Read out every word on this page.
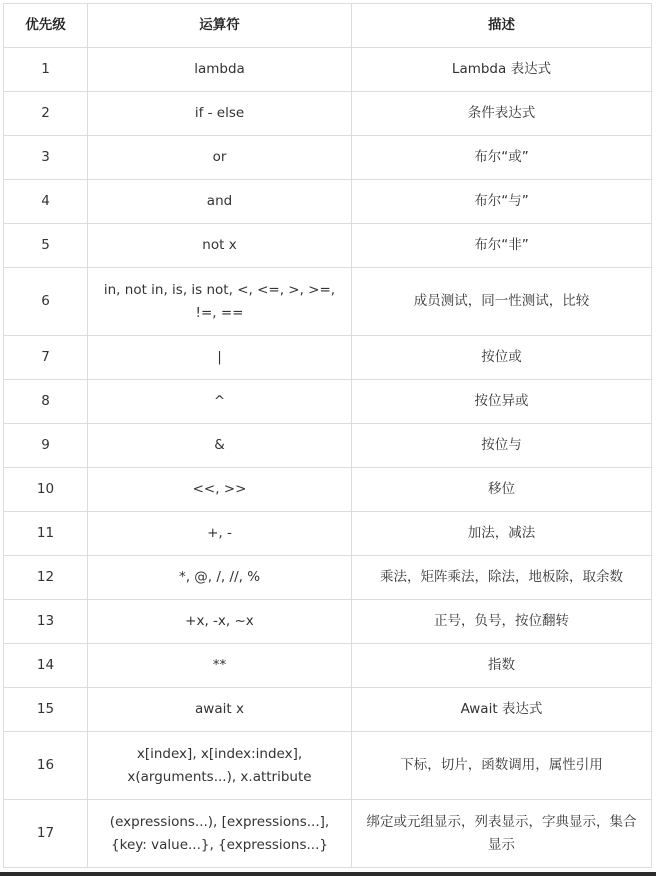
优先级	运算符	描述
1	lambda	Lambda 表达式
2	if - else	条件表达式
3	or	布尔“或”
4	and	布尔“与”
5	not x	布尔“非”
6	in, not in, is, is not, <, <=, >, >=, !=, ==	成员测试，同一性测试，比较
7	|	按位或
8	^	按位异或
9	&	按位与
10	<<, >>	移位
11	+, -	加法，减法
12	*, @, /, //, %	乘法，矩阵乘法，除法，地板除，取余数
13	+x, -x, ~x	正号，负号，按位翻转
14	**	指数
15	await x	Await 表达式
16	x[index], x[index:index], x(arguments...), x.attribute	下标，切片，函数调用，属性引用
17	(expressions...), [expressions...], {key: value...}, {expressions...}	绑定或元组显示，列表显示，字典显示，集合显示
